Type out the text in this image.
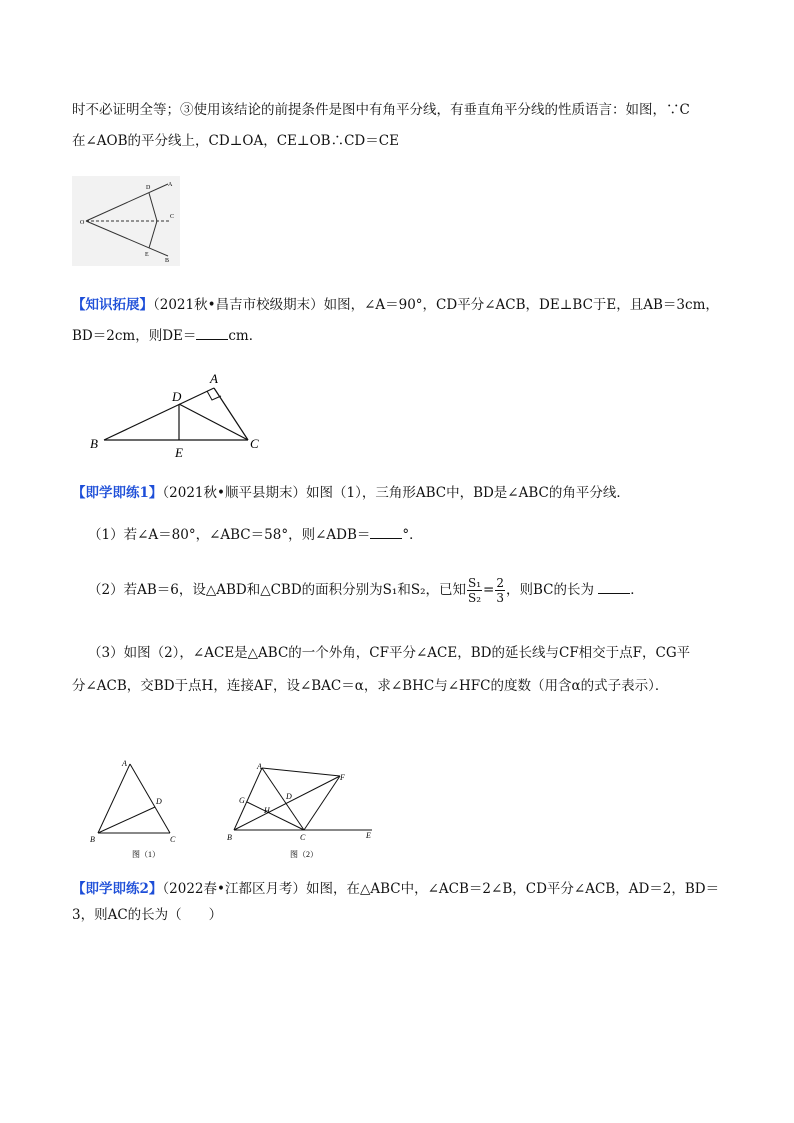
时不必证明全等；③使用该结论的前提条件是图中有角平分线，有垂直角平分线的性质语言：如图，∵C
在∠AOB的平分线上，CD⊥OA，CE⊥OB∴CD＝CE
O
D	A
C
E
B
【知识拓展】（2021秋•昌吉市校级期末）如图，∠A＝90°，CD平分∠ACB，DE⊥BC于E，且AB＝3cm，
BD＝2cm，则DE＝ cm．
A
D
B
E
C
【即学即练1】（2021秋•顺平县期末）如图（1），三角形ABC中，BD是∠ABC的角平分线．
（1）若∠A＝80°，∠ABC＝58°，则∠ADB＝ °．
（2）若AB＝6，设△ABD和△CBD的面积分别为S₁和S₂，已知 $\frac{\text{S₁}}{\text{S₂}} = \frac{2}{3}$ ，则BC的长为	．
（3）如图（2），∠ACE是△ABC的一个外角，CF平分∠ACE，BD的延长线与CF相交于点F，CG平
分∠ACB，交BD于点H，连接AF，设∠BAC＝α，求∠BHC与∠HFC的度数（用含α的式子表示）．
A
D
B	C
图（1）
A
F
G
H
D
B	C	E
图（2）
【即学即练2】（2022春•江都区月考）如图，在△ABC中，∠ACB＝2∠B，CD平分∠ACB，AD＝2，BD＝
3，则AC的长为（　　）
